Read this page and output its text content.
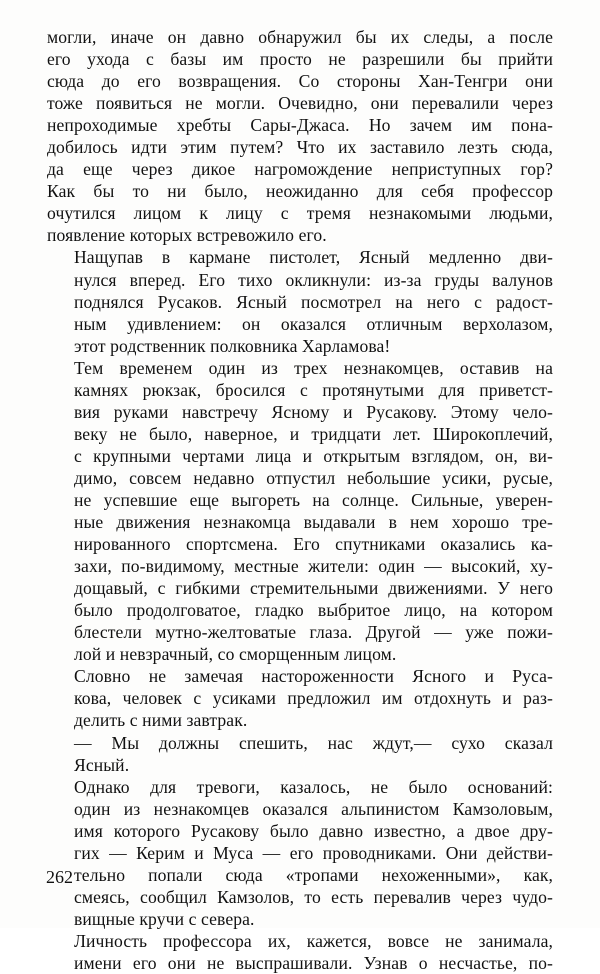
могли, иначе он давно обнаружил бы их следы, а после
его ухода с базы им просто не разрешили бы прийти
сюда до его возвращения. Со стороны Хан-Тенгри они
тоже появиться не могли. Очевидно, они перевалили через
непроходимые хребты Сары-Джаса. Но зачем им пона-
добилось идти этим путем? Что их заставило лезть сюда,
да еще через дикое нагромождение неприступных гор?
Как бы то ни было, неожиданно для себя профессор
очутился лицом к лицу с тремя незнакомыми людьми,
появление которых встревожило его.

Нащупав в кармане пистолет, Ясный медленно дви-
нулся вперед. Его тихо окликнули: из-за груды валунов
поднялся Русаков. Ясный посмотрел на него с радост-
ным удивлением: он оказался отличным верхолазом,
этот родственник полковника Харламова!

Тем временем один из трех незнакомцев, оставив на
камнях рюкзак, бросился с протянутыми для приветст-
вия руками навстречу Ясному и Русакову. Этому чело-
веку не было, наверное, и тридцати лет. Широкоплечий,
с крупными чертами лица и открытым взглядом, он, ви-
димо, совсем недавно отпустил небольшие усики, русые,
не успевшие еще выгореть на солнце. Сильные, уверен-
ные движения незнакомца выдавали в нем хорошо тре-
нированного спортсмена. Его спутниками оказались ка-
захи, по-видимому, местные жители: один — высокий, ху-
дощавый, с гибкими стремительными движениями. У него
было продолговатое, гладко выбритое лицо, на котором
блестели мутно-желтоватые глаза. Другой — уже пожи-
лой и невзрачный, со сморщенным лицом.

Словно не замечая настороженности Ясного и Руса-
кова, человек с усиками предложил им отдохнуть и раз-
делить с ними завтрак.

— Мы должны спешить, нас ждут,— сухо сказал
Ясный.

Однако для тревоги, казалось, не было оснований:
один из незнакомцев оказался альпинистом Камзоловым,
имя которого Русакову было давно известно, а двое дру-
гих — Керим и Муса — его проводниками. Они действи-
тельно попали сюда «тропами нехоженными», как,
смеясь, сообщил Камзолов, то есть перевалив через чудо-
вищные кручи с севера.

Личность профессора их, кажется, вовсе не занимала,
имени его они не выспрашивали. Узнав о несчастье, по-

262
